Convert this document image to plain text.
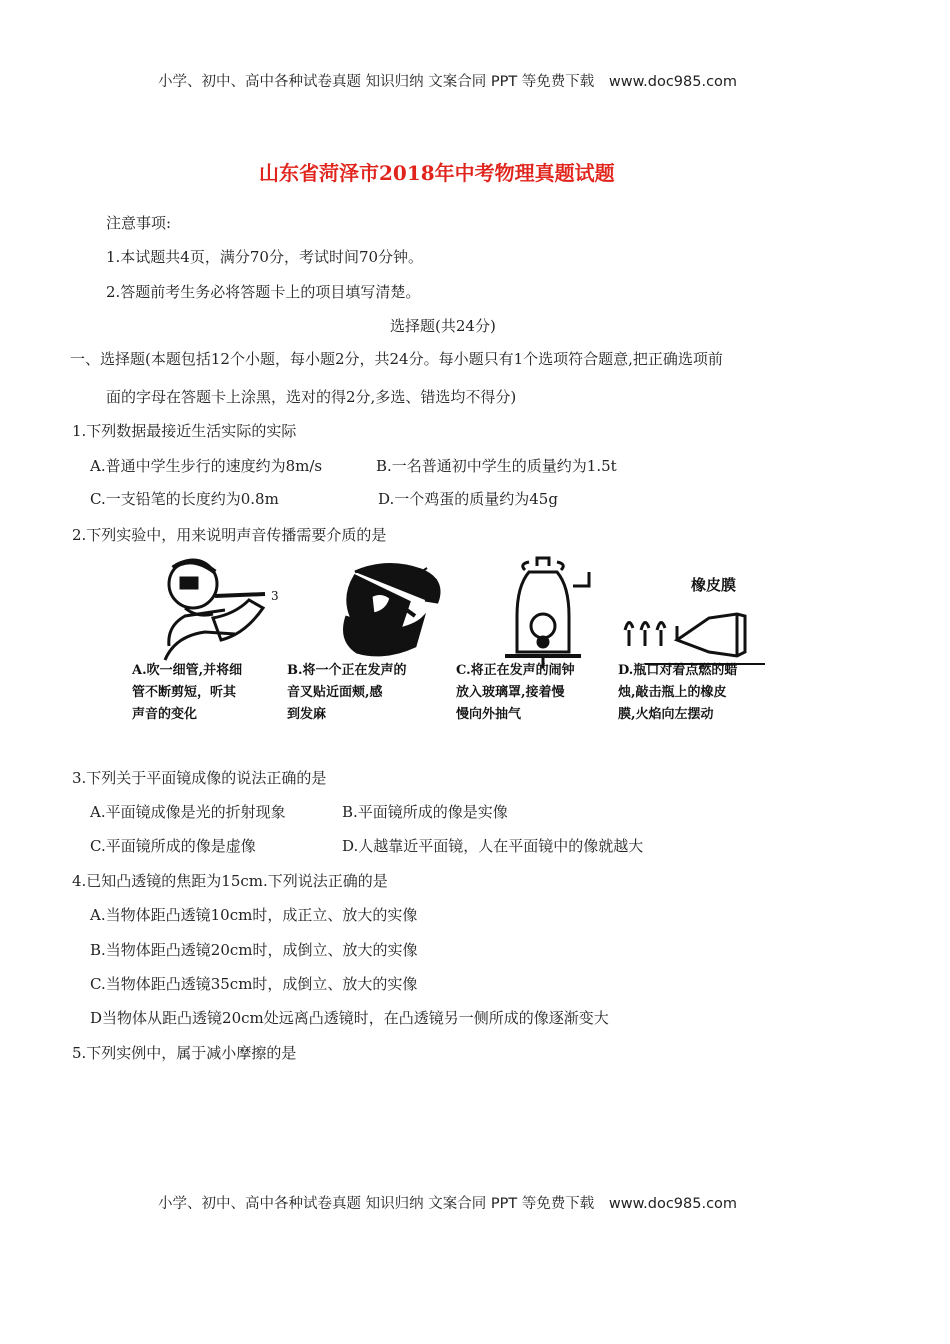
小学、初中、高中各种试卷真题 知识归纳 文案合同 PPT 等免费下载 www.doc985.com
山东省菏泽市2018年中考物理真题试题
注意事项:
1.本试题共4页，满分70分，考试时间70分钟。
2.答题前考生务必将答题卡上的项目填写清楚。
选择题(共24分)
一、选择题(本题包括12个小题，每小题2分，共24分。每小题只有1个选项符合题意,把正确选项前
面的字母在答题卡上涂黑，选对的得2分,多选、错选均不得分)
1.下列数据最接近生活实际的实际
A.普通中学生步行的速度约为8m/s	B.一名普通初中学生的质量约为1.5t
C.一支铅笔的长度约为0.8m	D.一个鸡蛋的质量约为45g
2.下列实验中，用来说明声音传播需要介质的是
3
橡皮膜
A.吹一细管,并将细
管不断剪短，听其
声音的变化
B.将一个正在发声的
音叉贴近面颊,感
到发麻
C.将正在发声的闹钟
放入玻璃罩,接着慢
慢向外抽气
D.瓶口对着点燃的蜡
烛,敲击瓶上的橡皮
膜,火焰向左摆动
3.下列关于平面镜成像的说法正确的是
A.平面镜成像是光的折射现象	B.平面镜所成的像是实像
C.平面镜所成的像是虚像	D.人越靠近平面镜，人在平面镜中的像就越大
4.已知凸透镜的焦距为15cm.下列说法正确的是
A.当物体距凸透镜10cm时，成正立、放大的实像
B.当物体距凸透镜20cm时，成倒立、放大的实像
C.当物体距凸透镜35cm时，成倒立、放大的实像
D当物体从距凸透镜20cm处远离凸透镜时，在凸透镜另一侧所成的像逐渐变大
5.下列实例中，属于减小摩擦的是
小学、初中、高中各种试卷真题 知识归纳 文案合同 PPT 等免费下载 www.doc985.com
